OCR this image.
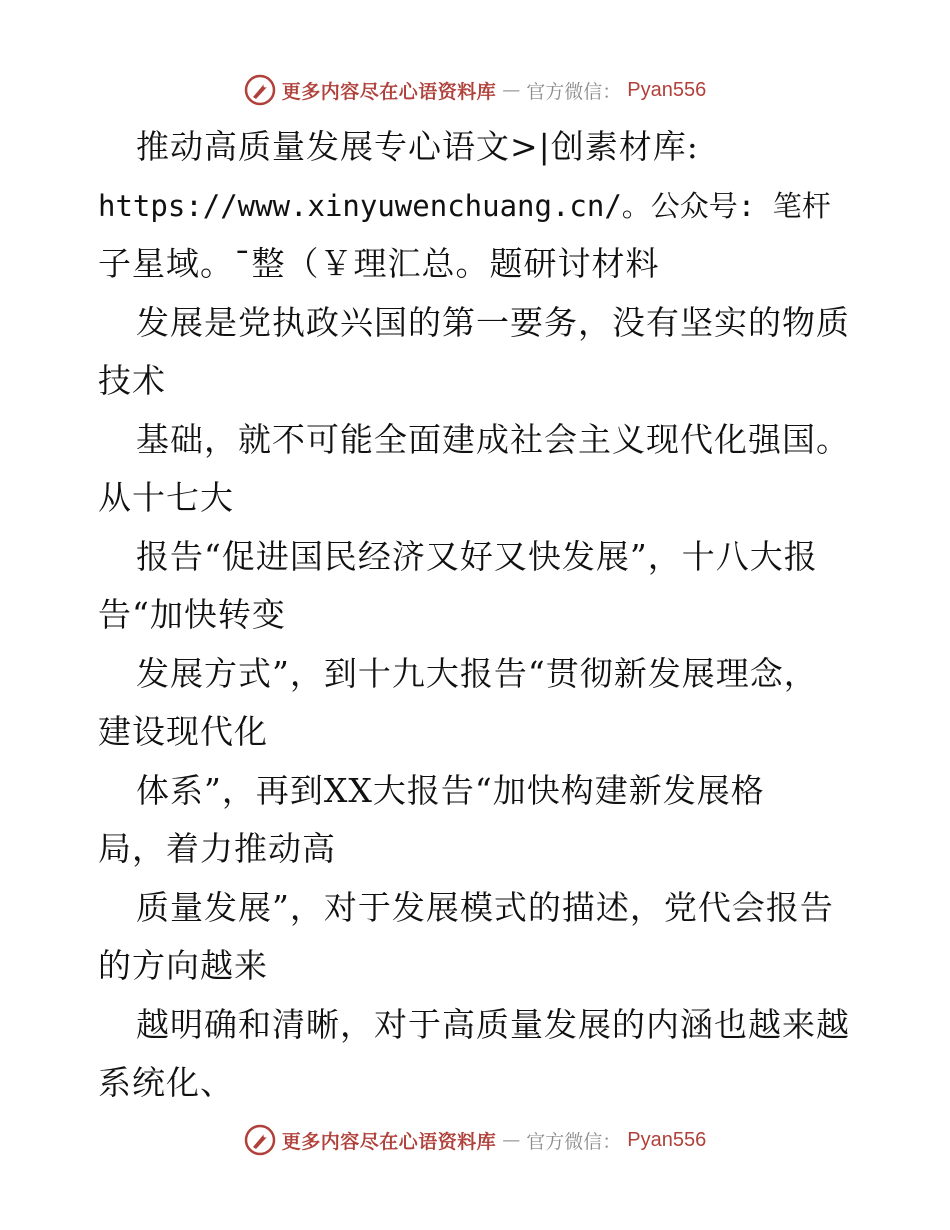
更多内容尽在心语资料库 — 官方微信： Pyan556
推动高质量发展专心语文>|创素材库:
https://www.xinyuwenchuang.cn/。公众号: 笔杆
子星域。¯整（￥理汇总。题研讨材料
发展是党执政兴国的第一要务，没有坚实的物质
技术
基础，就不可能全面建成社会主义现代化强国。
从十七大
报告“促进国民经济又好又快发展”，十八大报
告“加快转变
发展方式”，到十九大报告“贯彻新发展理念，
建设现代化
体系”，再到XX大报告“加快构建新发展格
局，着力推动高
质量发展”，对于发展模式的描述，党代会报告
的方向越来
越明确和清晰，对于高质量发展的内涵也越来越
系统化、
更多内容尽在心语资料库 — 官方微信： Pyan556
